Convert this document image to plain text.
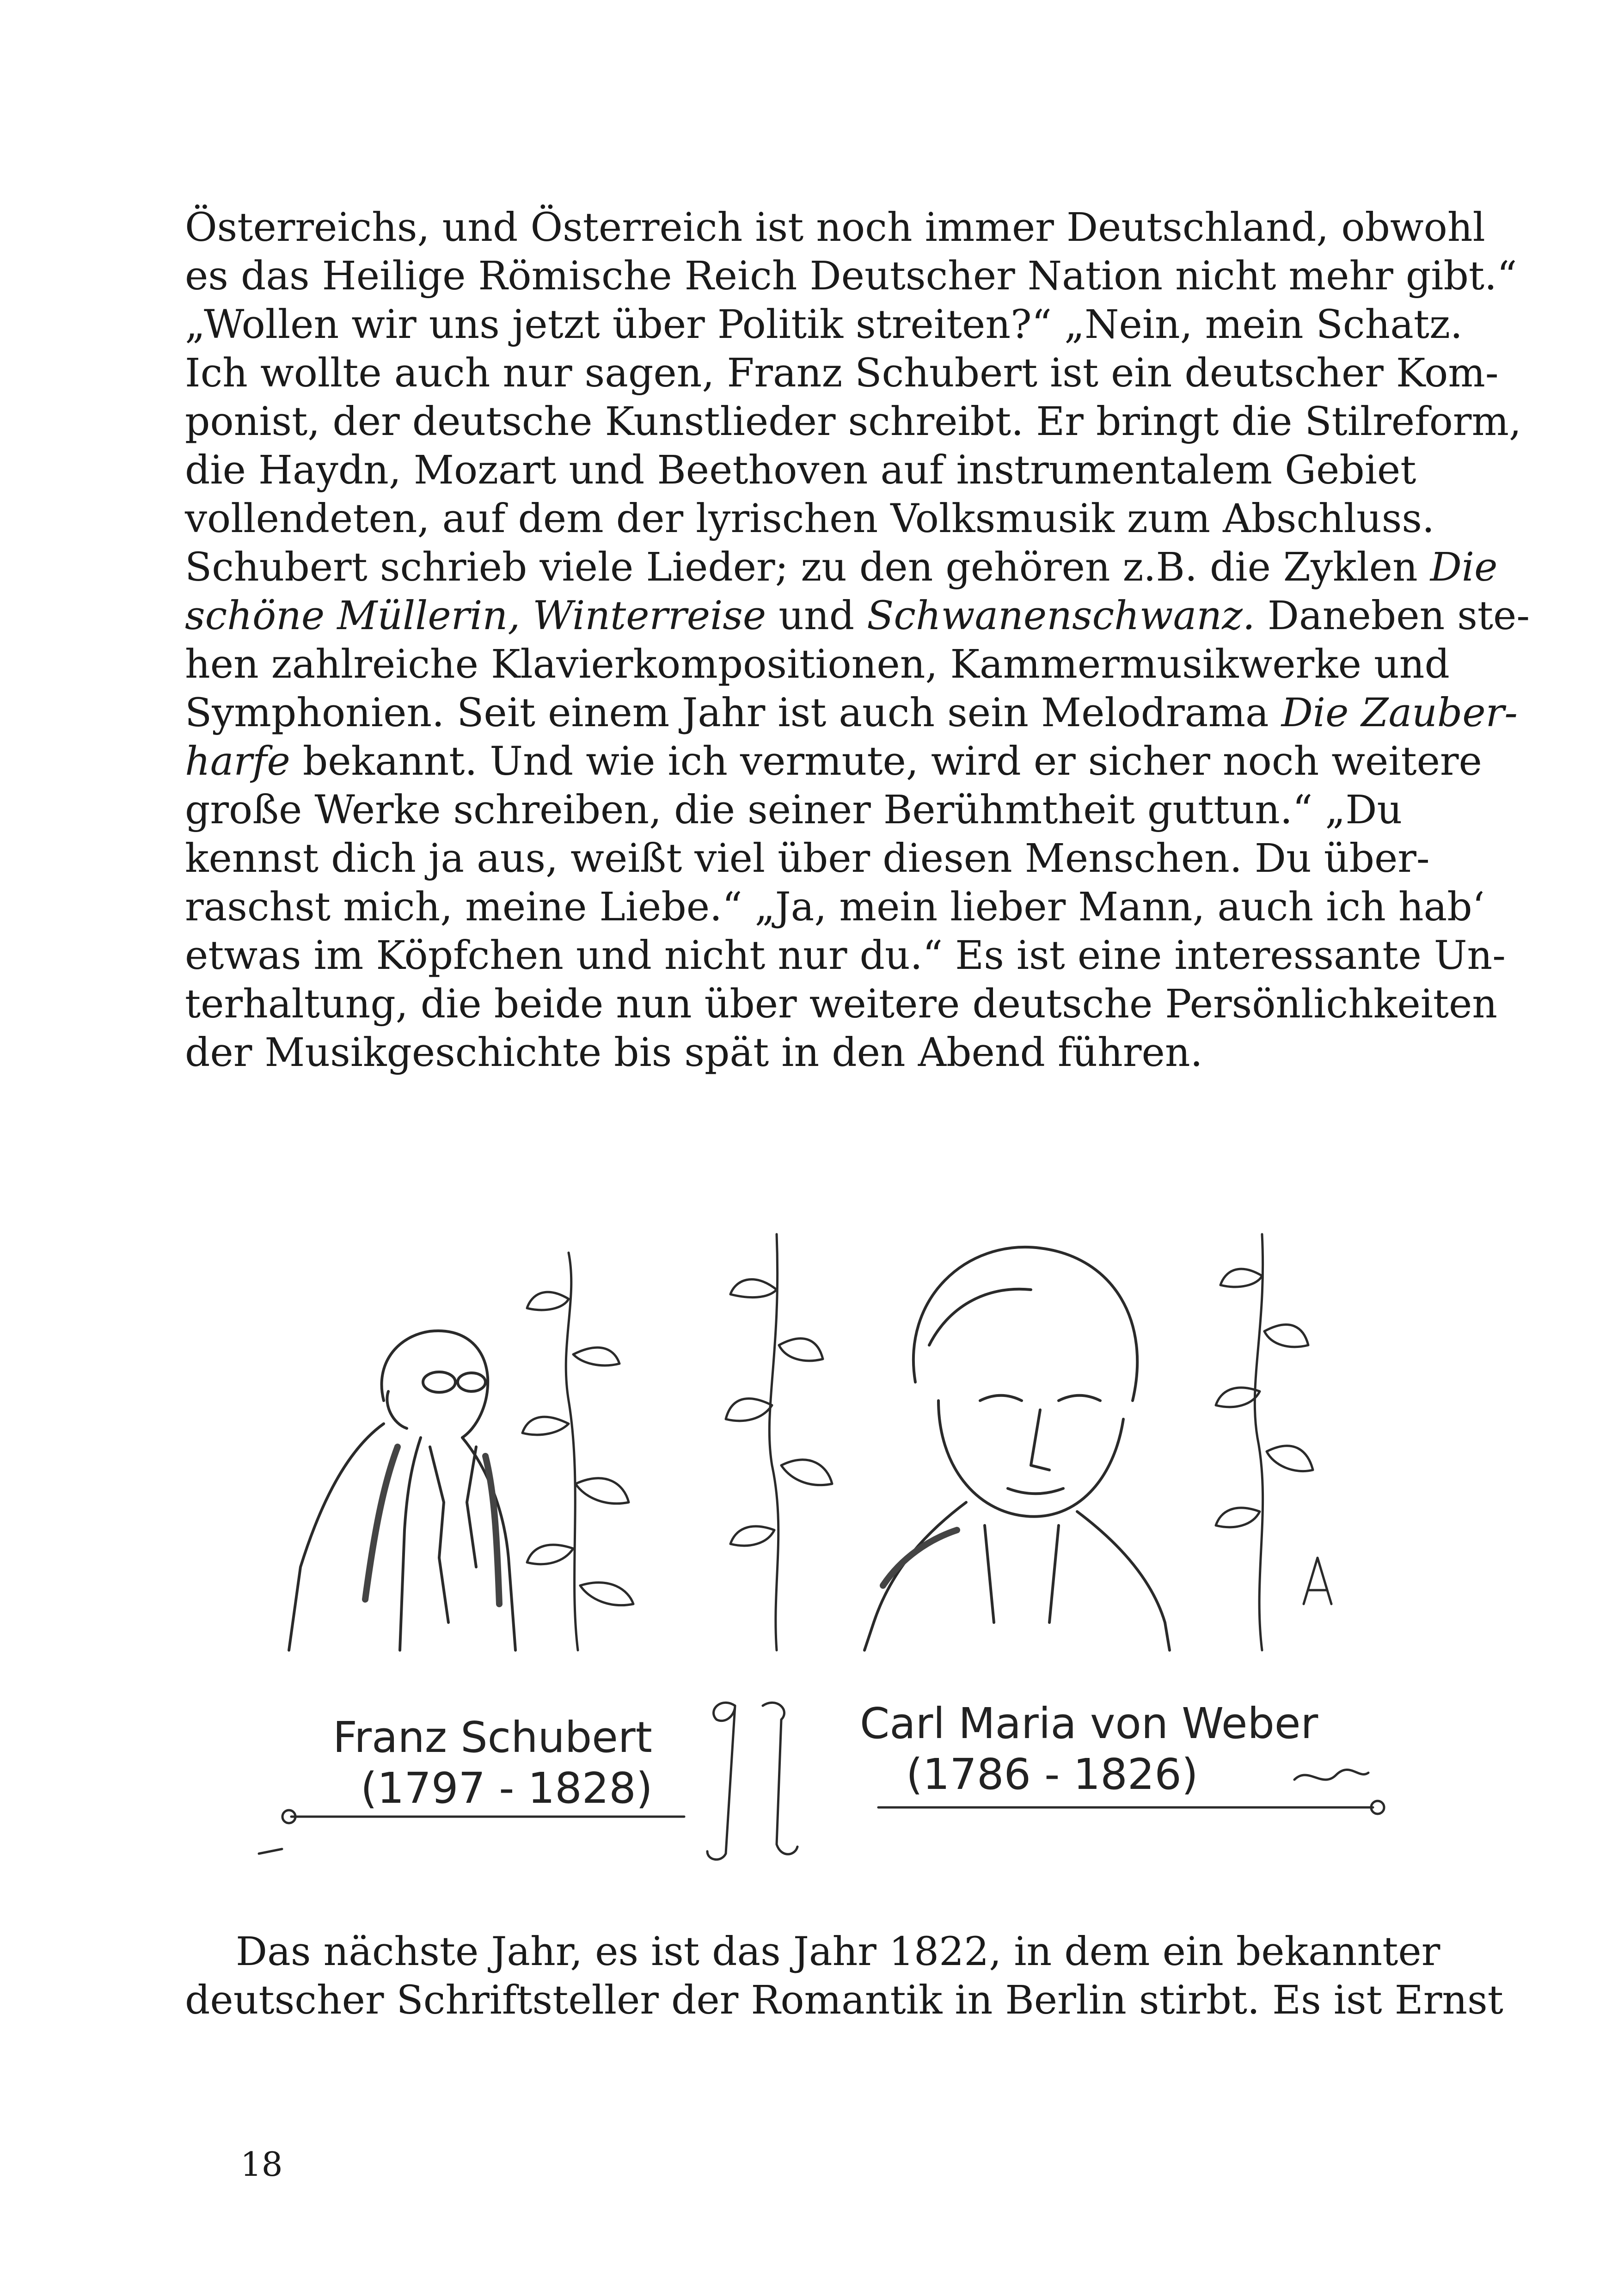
Österreichs, und Österreich ist noch immer Deutschland, obwohl
es das Heilige Römische Reich Deutscher Nation nicht mehr gibt.“
„Wollen wir uns jetzt über Politik streiten?“ „Nein, mein Schatz.
Ich wollte auch nur sagen, Franz Schubert ist ein deutscher Kom-
ponist, der deutsche Kunstlieder schreibt. Er bringt die Stilreform,
die Haydn, Mozart und Beethoven auf instrumentalem Gebiet
vollendeten, auf dem der lyrischen Volksmusik zum Abschluss.
Schubert schrieb viele Lieder; zu den gehören z.B. die Zyklen Die
schöne Müllerin, Winterreise und Schwanenschwanz. Daneben ste-
hen zahlreiche Klavierkompositionen, Kammermusikwerke und
Symphonien. Seit einem Jahr ist auch sein Melodrama Die Zauber-
harfe bekannt. Und wie ich vermute, wird er sicher noch weitere
große Werke schreiben, die seiner Berühmtheit guttun.“ „Du
kennst dich ja aus, weißt viel über diesen Menschen. Du über-
raschst mich, meine Liebe.“ „Ja, mein lieber Mann, auch ich hab‘
etwas im Köpfchen und nicht nur du.“ Es ist eine interessante Un-
terhaltung, die beide nun über weitere deutsche Persönlichkeiten
der Musikgeschichte bis spät in den Abend führen.
Franz Schubert
(1797 - 1828)
Carl Maria von Weber
(1786 - 1826)
Das nächste Jahr, es ist das Jahr 1822, in dem ein bekannter
deutscher Schriftsteller der Romantik in Berlin stirbt. Es ist Ernst
18
